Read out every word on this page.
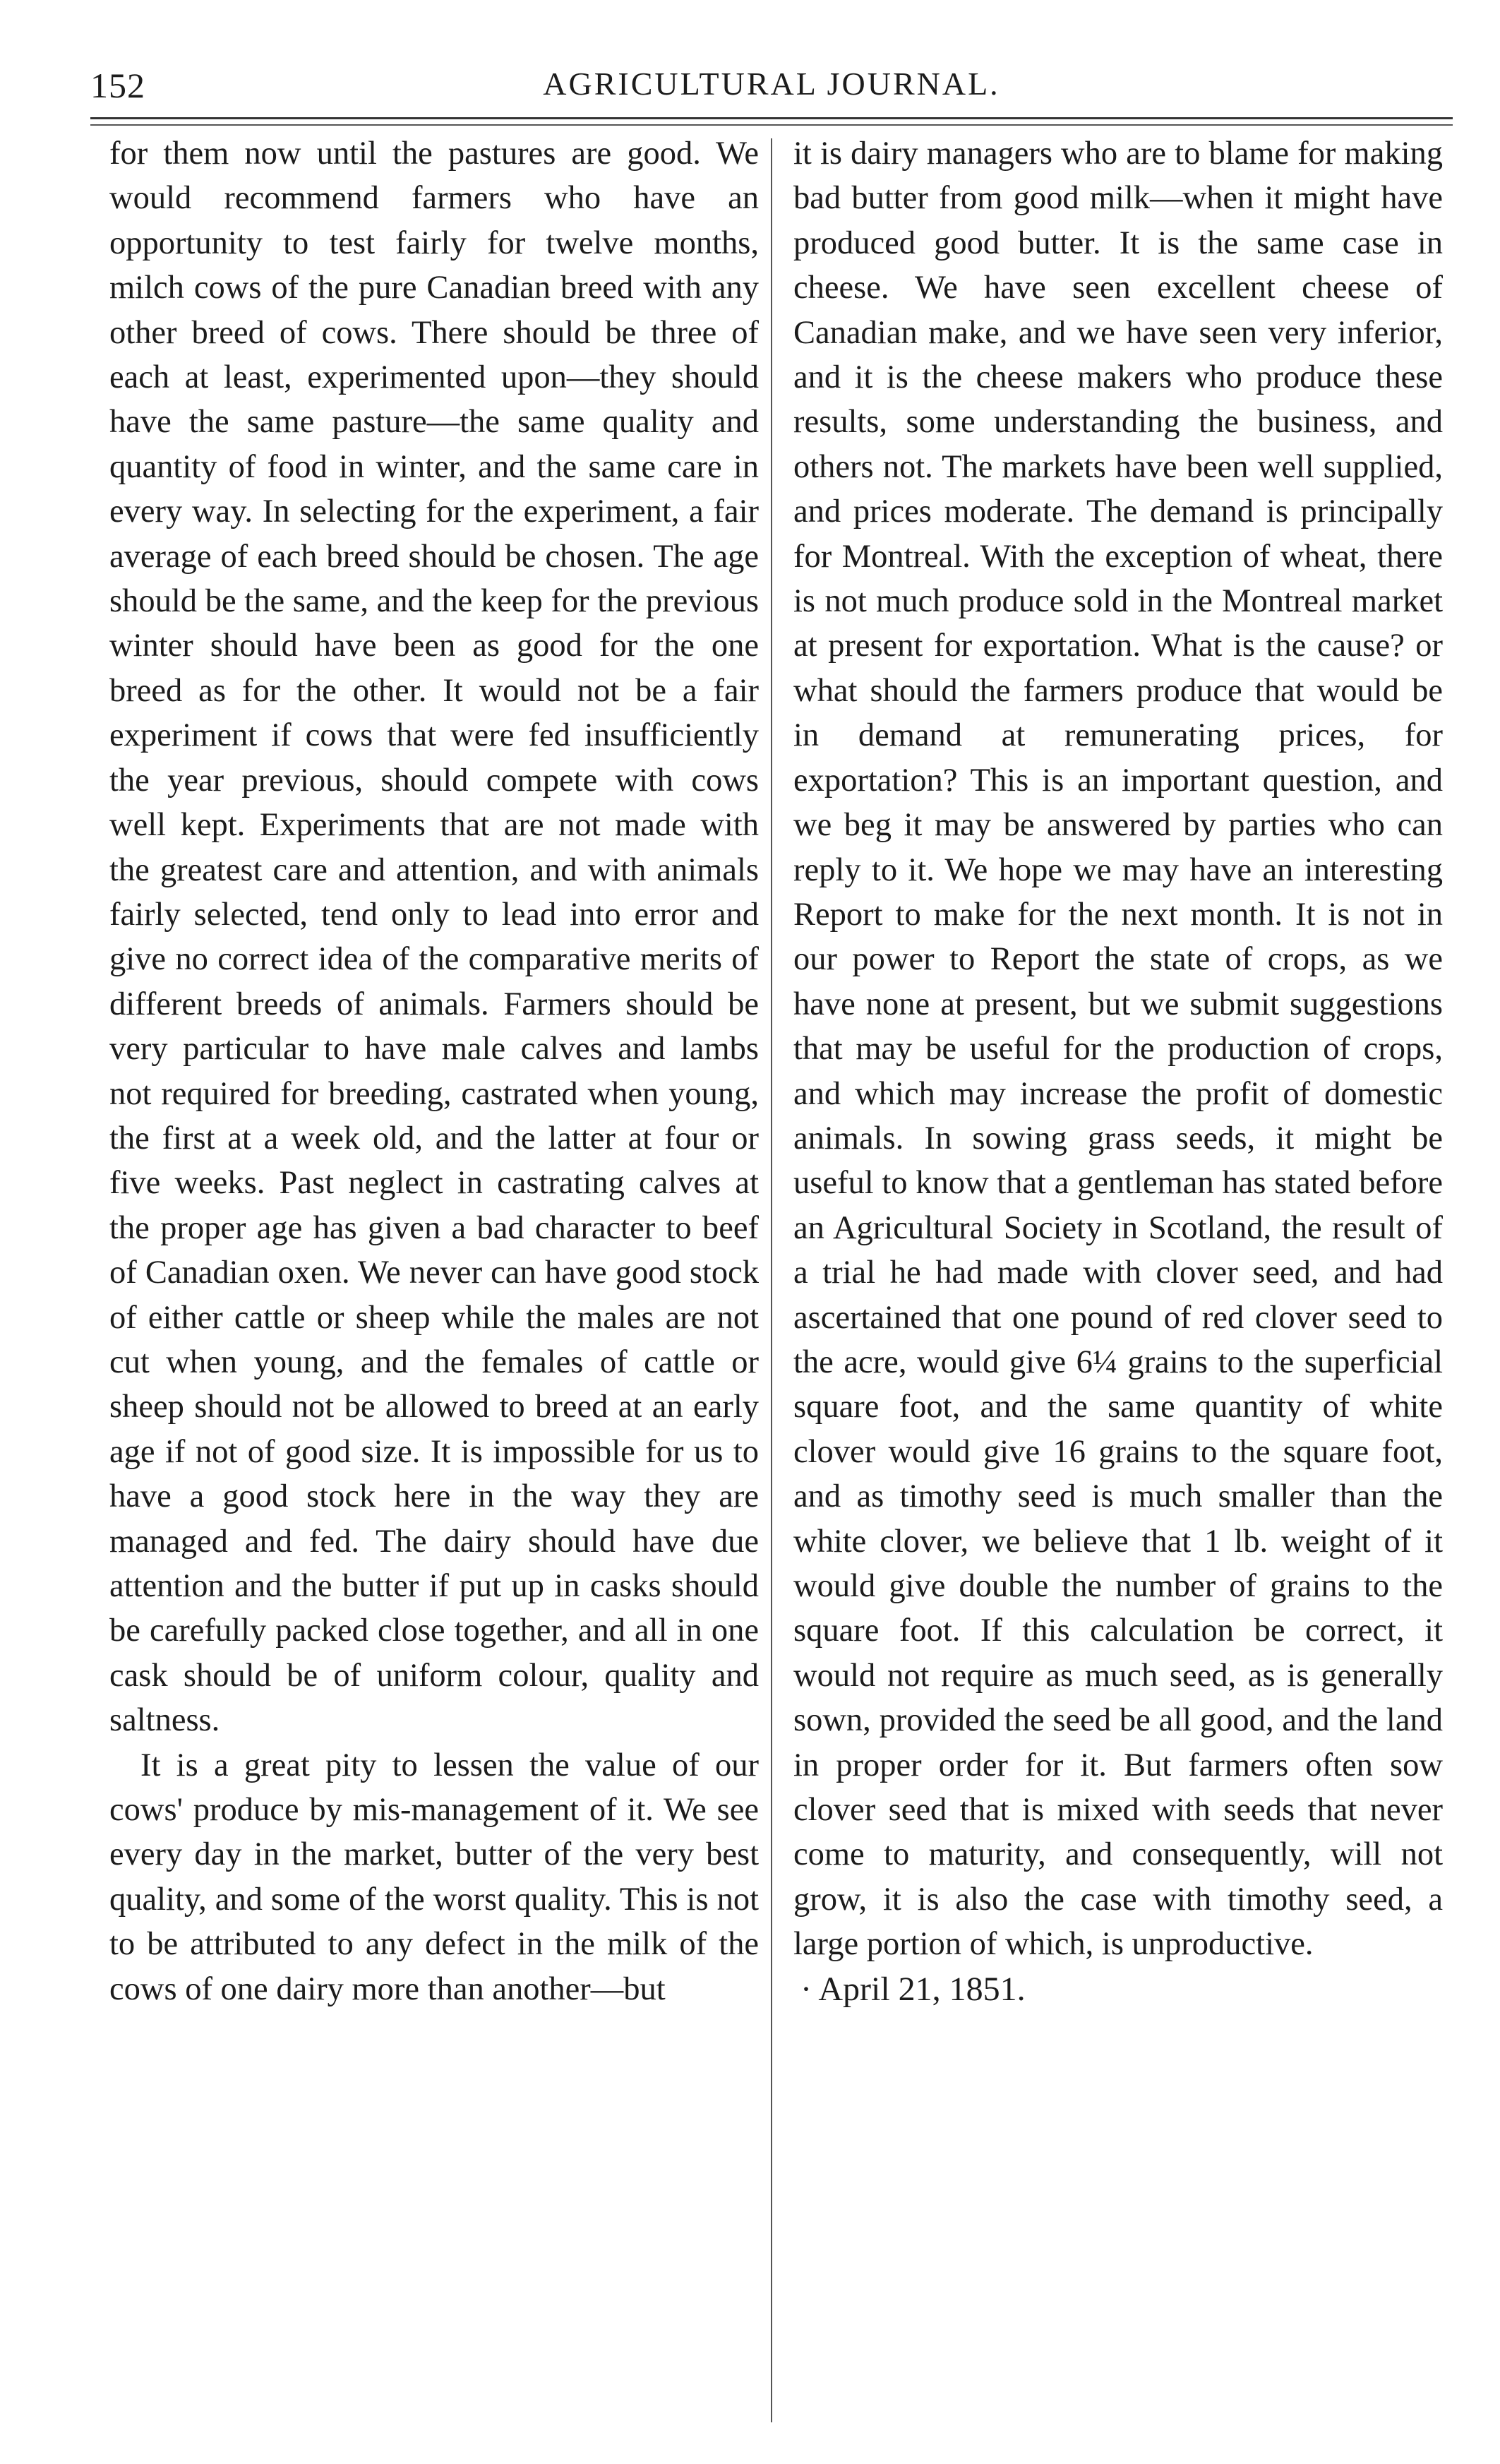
152	AGRICULTURAL JOURNAL.

for them now until the pastures are good. We would recommend farmers who have an opportunity to test fairly for twelve months, milch cows of the pure Canadian breed with any other breed of cows. There should be three of each at least, experimented upon—they should have the same pasture—the same quality and quantity of food in winter, and the same care in every way. In selecting for the experiment, a fair average of each breed should be chosen. The age should be the same, and the keep for the previous winter should have been as good for the one breed as for the other. It would not be a fair experiment if cows that were fed insufficiently the year previous, should compete with cows well kept. Experiments that are not made with the greatest care and attention, and with animals fairly selected, tend only to lead into error and give no correct idea of the comparative merits of different breeds of animals. Farmers should be very particular to have male calves and lambs not required for breeding, castrated when young, the first at a week old, and the latter at four or five weeks. Past neglect in castrating calves at the proper age has given a bad character to beef of Canadian oxen. We never can have good stock of either cattle or sheep while the males are not cut when young, and the females of cattle or sheep should not be allowed to breed at an early age if not of good size. It is impossible for us to have a good stock here in the way they are managed and fed. The dairy should have due attention and the butter if put up in casks should be carefully packed close together, and all in one cask should be of uniform colour, quality and saltness.

It is a great pity to lessen the value of our cows' produce by mis-management of it. We see every day in the market, butter of the very best quality, and some of the worst quality. This is not to be attributed to any defect in the milk of the cows of one dairy more than another—but

it is dairy managers who are to blame for making bad butter from good milk—when it might have produced good butter. It is the same case in cheese. We have seen excellent cheese of Canadian make, and we have seen very inferior, and it is the cheese makers who produce these results, some understanding the business, and others not. The markets have been well supplied, and prices moderate. The demand is principally for Montreal. With the exception of wheat, there is not much produce sold in the Montreal market at present for exportation. What is the cause? or what should the farmers produce that would be in demand at remunerating prices, for exportation? This is an important question, and we beg it may be answered by parties who can reply to it. We hope we may have an interesting Report to make for the next month. It is not in our power to Report the state of crops, as we have none at present, but we submit suggestions that may be useful for the production of crops, and which may increase the profit of domestic animals. In sowing grass seeds, it might be useful to know that a gentleman has stated before an Agricultural Society in Scotland, the result of a trial he had made with clover seed, and had ascertained that one pound of red clover seed to the acre, would give 6¼ grains to the superficial square foot, and the same quantity of white clover would give 16 grains to the square foot, and as timothy seed is much smaller than the white clover, we believe that 1 lb. weight of it would give double the number of grains to the square foot. If this calculation be correct, it would not require as much seed, as is generally sown, provided the seed be all good, and the land in proper order for it. But farmers often sow clover seed that is mixed with seeds that never come to maturity, and consequently, will not grow, it is also the case with timothy seed, a large portion of which, is unproductive.

· April 21, 1851.
